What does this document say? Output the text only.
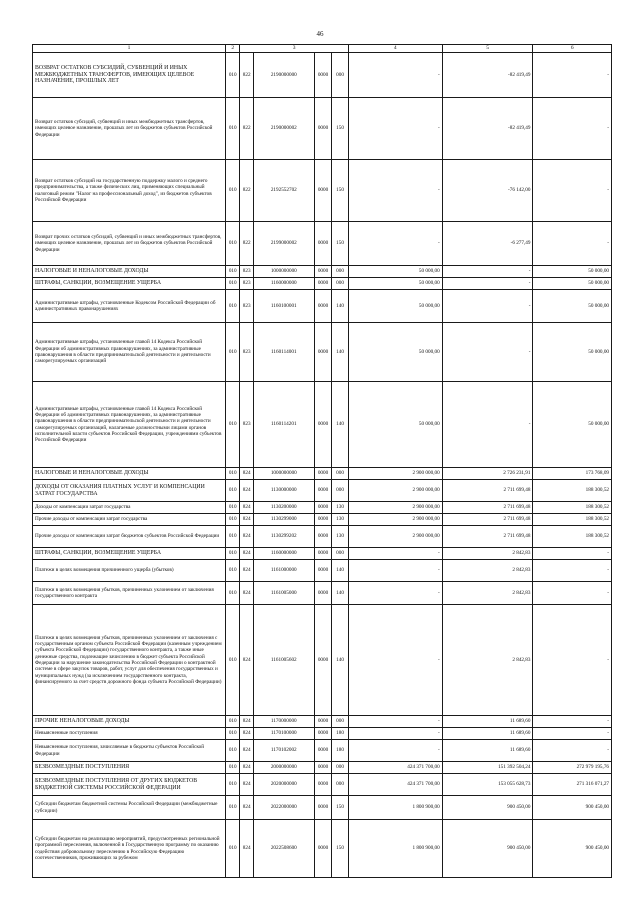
46
1	2	3				4	5	6
ВОЗВРАТ ОСТАТКОВ СУБСИДИЙ, СУБВЕНЦИЙ И ИНЫХ МЕЖБЮДЖЕТНЫХ ТРАНСФЕРТОВ, ИМЕЮЩИХ ЦЕЛЕВОЕ НАЗНАЧЕНИЕ, ПРОШЛЫХ ЛЕТ	010	822	2190000000	0000	000	-	-82 419,49	-
Возврат остатков субсидий, субвенций и иных межбюджетных трансфертов, имеющих целевое назначение, прошлых лет из бюджетов субъектов Российской Федерации	010	822	2190000002	0000	150	-	-82 419,49	-
Возврат остатков субсидий на государственную поддержку малого и среднего предпринимательства, а также физических лиц, применяющих специальный налоговый режим "Налог на профессиональный доход", из бюджетов субъектов Российской Федерации	010	822	2192552702	0000	150	-	-76 142,00	-
Возврат прочих остатков субсидий, субвенций и иных межбюджетных трансфертов, имеющих целевое назначение, прошлых лет из бюджетов субъектов Российской Федерации	010	822	2199000002	0000	150	-	-6 277,49	-
НАЛОГОВЫЕ И НЕНАЛОГОВЫЕ ДОХОДЫ	010	823	1000000000	0000	000	50 000,00	-	50 000,00
ШТРАФЫ, САНКЦИИ, ВОЗМЕЩЕНИЕ УЩЕРБА	010	823	1160000000	0000	000	50 000,00	-	50 000,00
Административные штрафы, установленные Кодексом Российской Федерации об административных правонарушениях	010	823	1160100001	0000	140	50 000,00	-	50 000,00
Административные штрафы, установленные главой 14 Кодекса Российской Федерации об административных правонарушениях, за административные правонарушения в области предпринимательской деятельности и деятельности саморегулируемых организаций	010	823	1160114001	0000	140	50 000,00	-	50 000,00
Административные штрафы, установленные главой 14 Кодекса Российской Федерации об административных правонарушениях, за административные правонарушения в области предпринимательской деятельности и деятельности саморегулируемых организаций, налагаемые должностными лицами органов исполнительной власти субъектов Российской Федерации, учреждениями субъектов Российской Федерации	010	823	1160114201	0000	140	50 000,00	-	50 000,00
НАЛОГОВЫЕ И НЕНАЛОГОВЫЕ ДОХОДЫ	010	824	1000000000	0000	000	2 900 000,00	2 726 231,91	173 768,09
ДОХОДЫ ОТ ОКАЗАНИЯ ПЛАТНЫХ УСЛУГ И КОМПЕНСАЦИИ ЗАТРАТ ГОСУДАРСТВА	010	824	1130000000	0000	000	2 900 000,00	2 711 699,48	188 300,52
Доходы от компенсации затрат государства	010	824	1130200000	0000	130	2 900 000,00	2 711 699,48	188 300,52
Прочие доходы от компенсации затрат государства	010	824	1130299000	0000	130	2 900 000,00	2 711 699,48	188 300,52
Прочие доходы от компенсации затрат бюджетов субъектов Российской Федерации	010	824	1130299202	0000	130	2 900 000,00	2 711 699,48	188 300,52
ШТРАФЫ, САНКЦИИ, ВОЗМЕЩЕНИЕ УЩЕРБА	010	824	1160000000	0000	000	-	2 842,83	-
Платежи в целях возмещения причиненного ущерба (убытков)	010	824	1161000000	0000	140	-	2 842,83	-
Платежи в целях возмещения убытков, причиненных уклонением от заключения государственного контракта	010	824	1161005000	0000	140	-	2 842,83	-
Платежи в целях возмещения убытков, причиненных уклонением от заключения с государственным органом субъекта Российской Федерации (казенным учреждением субъекта Российской Федерации) государственного контракта, а также иные денежные средства, подлежащие зачислению в бюджет субъекта Российской Федерации за нарушение законодательства Российской Федерации о контрактной системе в сфере закупок товаров, работ, услуг для обеспечения государственных и муниципальных нужд (за исключением государственного контракта, финансируемого за счет средств дорожного фонда субъекта Российской Федерации)	010	824	1161005602	0000	140	-	2 842,83	-
ПРОЧИЕ НЕНАЛОГОВЫЕ ДОХОДЫ	010	824	1170000000	0000	000	-	11 689,60	-
Невыясненные поступления	010	824	1170100000	0000	180	-	11 689,60	-
Невыясненные поступления, зачисляемые в бюджеты субъектов Российской Федерации	010	824	1170102002	0000	180	-	11 689,60	-
БЕЗВОЗМЕЗДНЫЕ ПОСТУПЛЕНИЯ	010	824	2000000000	0000	000	424 371 700,00	151 392 504,24	272 979 195,76
БЕЗВОЗМЕЗДНЫЕ ПОСТУПЛЕНИЯ ОТ ДРУГИХ БЮДЖЕТОВ БЮДЖЕТНОЙ СИСТЕМЫ РОССИЙСКОЙ ФЕДЕРАЦИИ	010	824	2020000000	0000	000	424 371 700,00	153 055 628,73	271 316 071,27
Субсидии бюджетам бюджетной системы Российской Федерации (межбюджетные субсидии)	010	824	2022000000	0000	150	1 800 900,00	900 450,00	900 450,00
Субсидии бюджетам на реализацию мероприятий, предусмотренных региональной программой переселения, включенной в Государственную программу по оказанию содействия добровольному переселению в Российскую Федерацию соотечественников, проживающих за рубежом	010	824	2022508600	0000	150	1 800 900,00	900 450,00	900 450,00
